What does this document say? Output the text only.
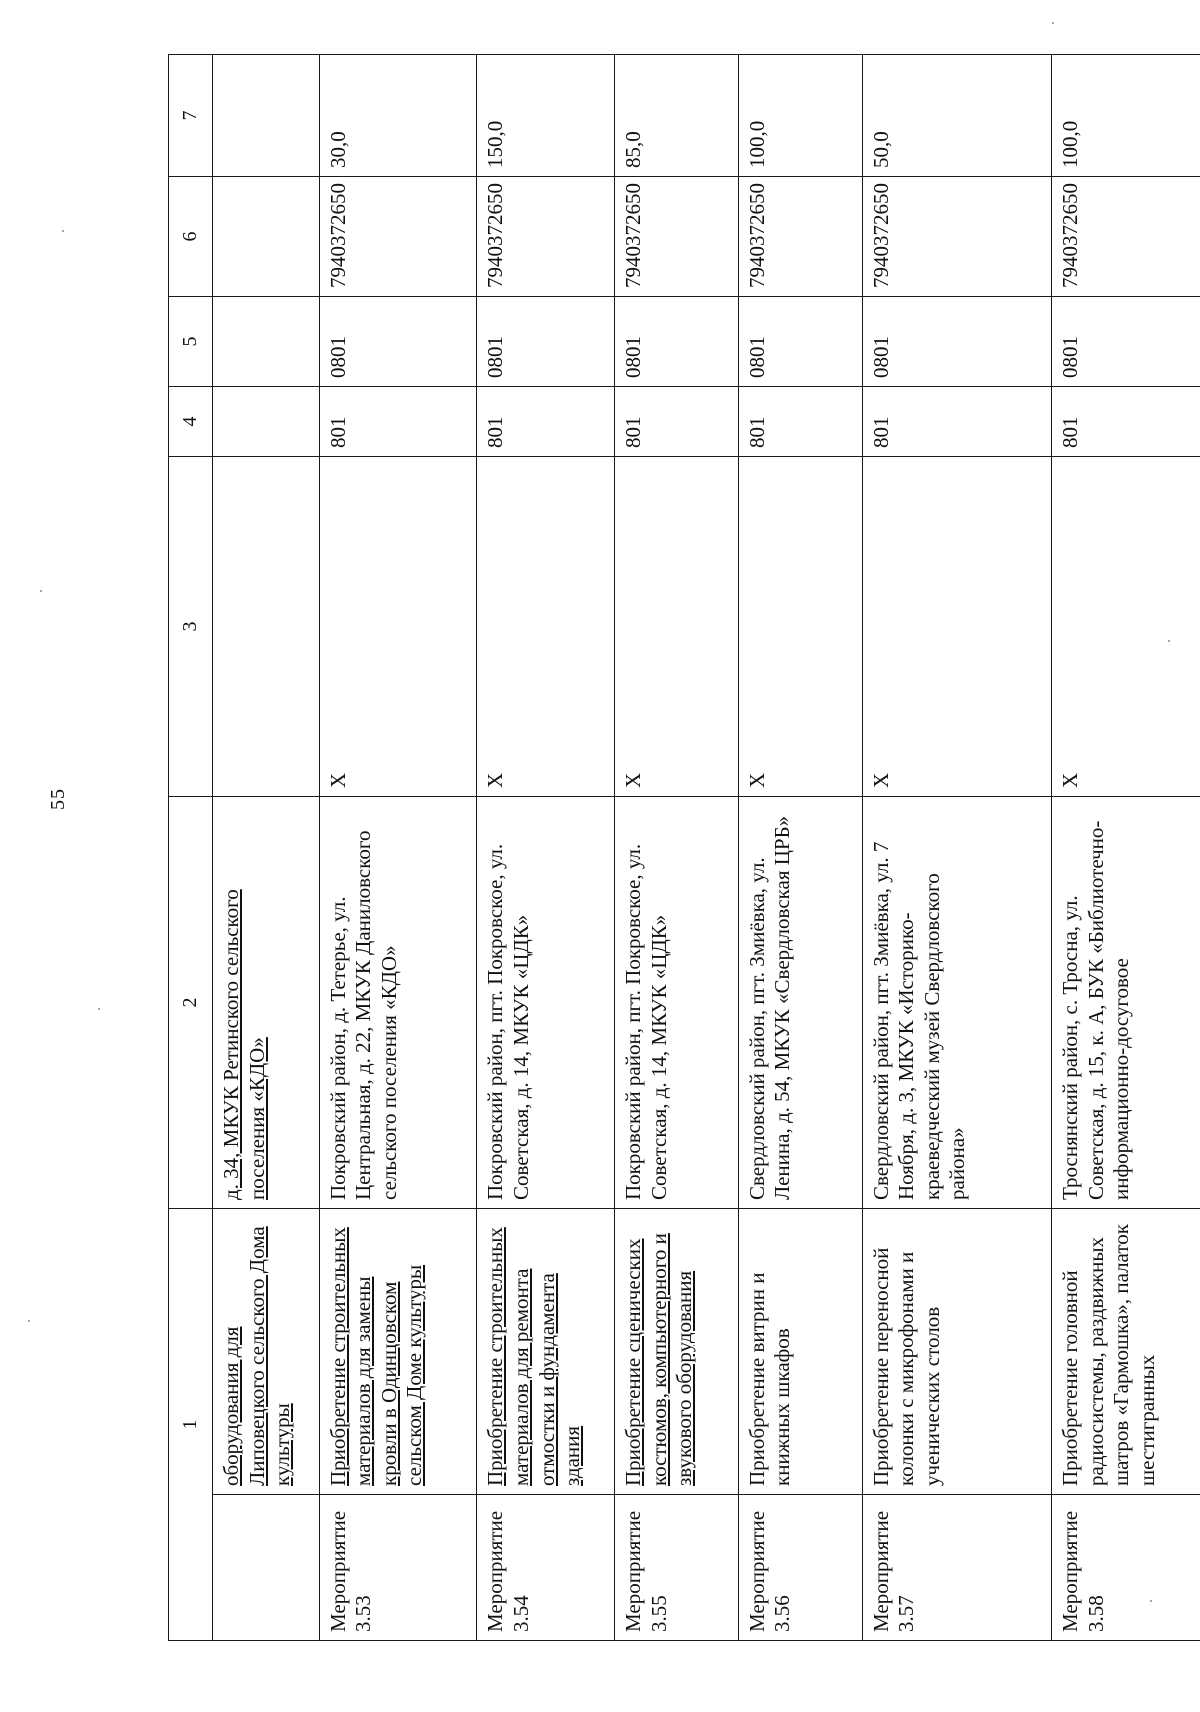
55
1		2	3	4	5	6	7
	оборудования для Липовецкого сельского Дома культуры	д. 34, МКУК Ретинского сельского поселения «КДО»					
Мероприятие 3.53	Приобретение строительных материалов для замены кровли в Одинцовском сельском Доме культуры	Покровский район, д. Тетерье, ул. Центральная, д. 22, МКУК Даниловского сельского поселения «КДО»	X	801	0801	7940372650	30,0
Мероприятие 3.54	Приобретение строительных материалов для ремонта отмостки и фундамента здания	Покровский район, пгт. Покровское, ул. Советская, д. 14, МКУК «ЦДК»	X	801	0801	7940372650	150,0
Мероприятие 3.55	Приобретение сценических костюмов, компьютерного и звукового оборудования	Покровский район, пгт. Покровское, ул. Советская, д. 14, МКУК «ЦДК»	X	801	0801	7940372650	85,0
Мероприятие 3.56	Приобретение витрин и книжных шкафов	Свердловский район, пгт. Змиёвка, ул. Ленина, д. 54, МКУК «Свердловская ЦРБ»	X	801	0801	7940372650	100,0
Мероприятие 3.57	Приобретение переносной колонки с микрофонами и ученических столов	Свердловский район, пгт. Змиёвка, ул. 7 Ноября, д. 3, МКУК «Историко-краеведческий музей Свердловского района»	X	801	0801	7940372650	50,0
Мероприятие 3.58	Приобретение головной радиосистемы, раздвижных шатров «Гармошка», палаток шестигранных	Троснянский район, с. Тросна, ул. Советская, д. 15, к. А, БУК «Библиотечно-информационно-досуговое	X	801	0801	7940372650	100,0
